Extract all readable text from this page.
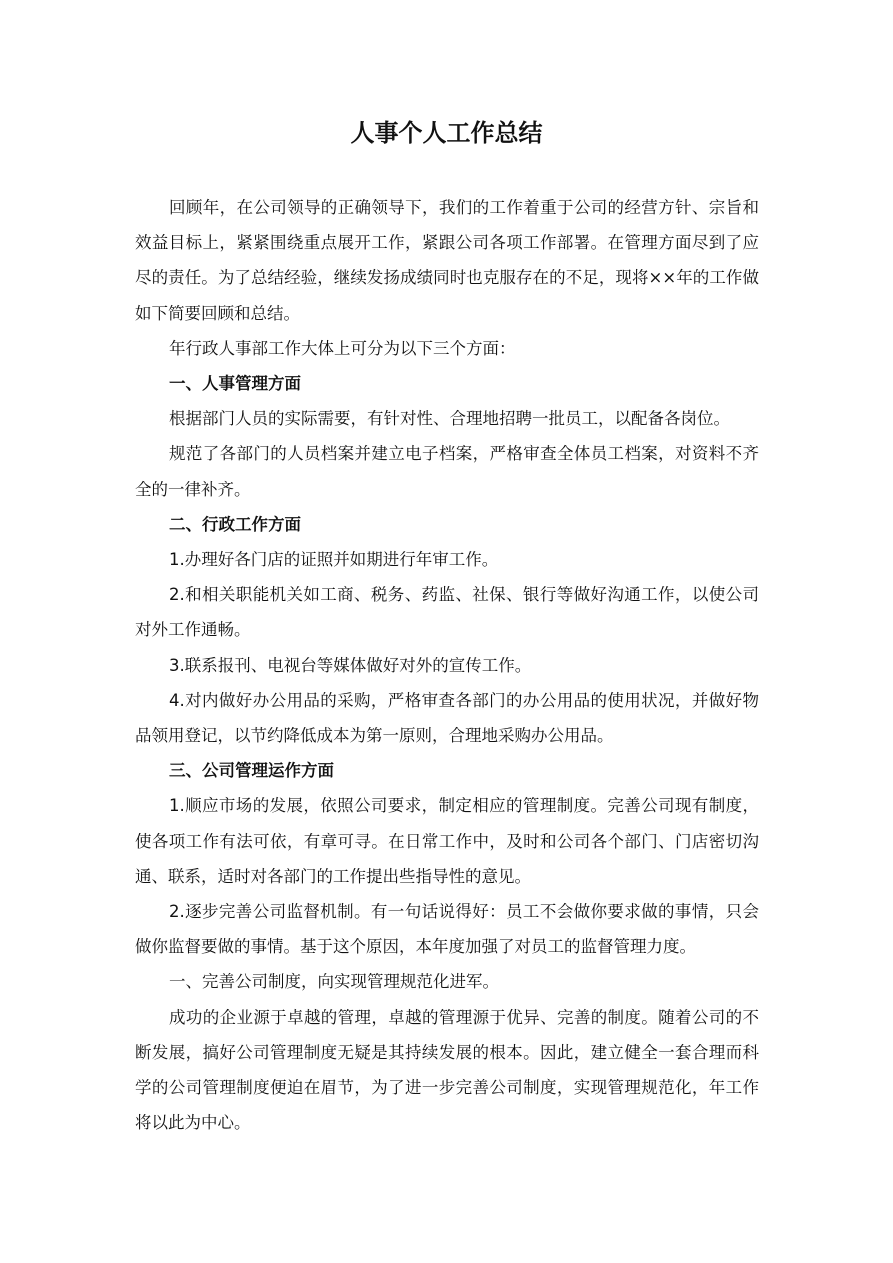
人事个人工作总结

回顾年，在公司领导的正确领导下，我们的工作着重于公司的经营方针、宗旨和效益目标上，紧紧围绕重点展开工作，紧跟公司各项工作部署。在管理方面尽到了应尽的责任。为了总结经验，继续发扬成绩同时也克服存在的不足，现将××年的工作做如下简要回顾和总结。

年行政人事部工作大体上可分为以下三个方面：

一、人事管理方面

根据部门人员的实际需要，有针对性、合理地招聘一批员工，以配备各岗位。

规范了各部门的人员档案并建立电子档案，严格审查全体员工档案，对资料不齐全的一律补齐。

二、行政工作方面

1.办理好各门店的证照并如期进行年审工作。

2.和相关职能机关如工商、税务、药监、社保、银行等做好沟通工作，以使公司对外工作通畅。

3.联系报刊、电视台等媒体做好对外的宣传工作。

4.对内做好办公用品的采购，严格审查各部门的办公用品的使用状况，并做好物品领用登记，以节约降低成本为第一原则，合理地采购办公用品。

三、公司管理运作方面

1.顺应市场的发展，依照公司要求，制定相应的管理制度。完善公司现有制度，使各项工作有法可依，有章可寻。在日常工作中，及时和公司各个部门、门店密切沟通、联系，适时对各部门的工作提出些指导性的意见。

2.逐步完善公司监督机制。有一句话说得好：员工不会做你要求做的事情，只会做你监督要做的事情。基于这个原因，本年度加强了对员工的监督管理力度。

一、完善公司制度，向实现管理规范化进军。

成功的企业源于卓越的管理，卓越的管理源于优异、完善的制度。随着公司的不断发展，搞好公司管理制度无疑是其持续发展的根本。因此，建立健全一套合理而科学的公司管理制度便迫在眉节，为了进一步完善公司制度，实现管理规范化，年工作将以此为中心。
